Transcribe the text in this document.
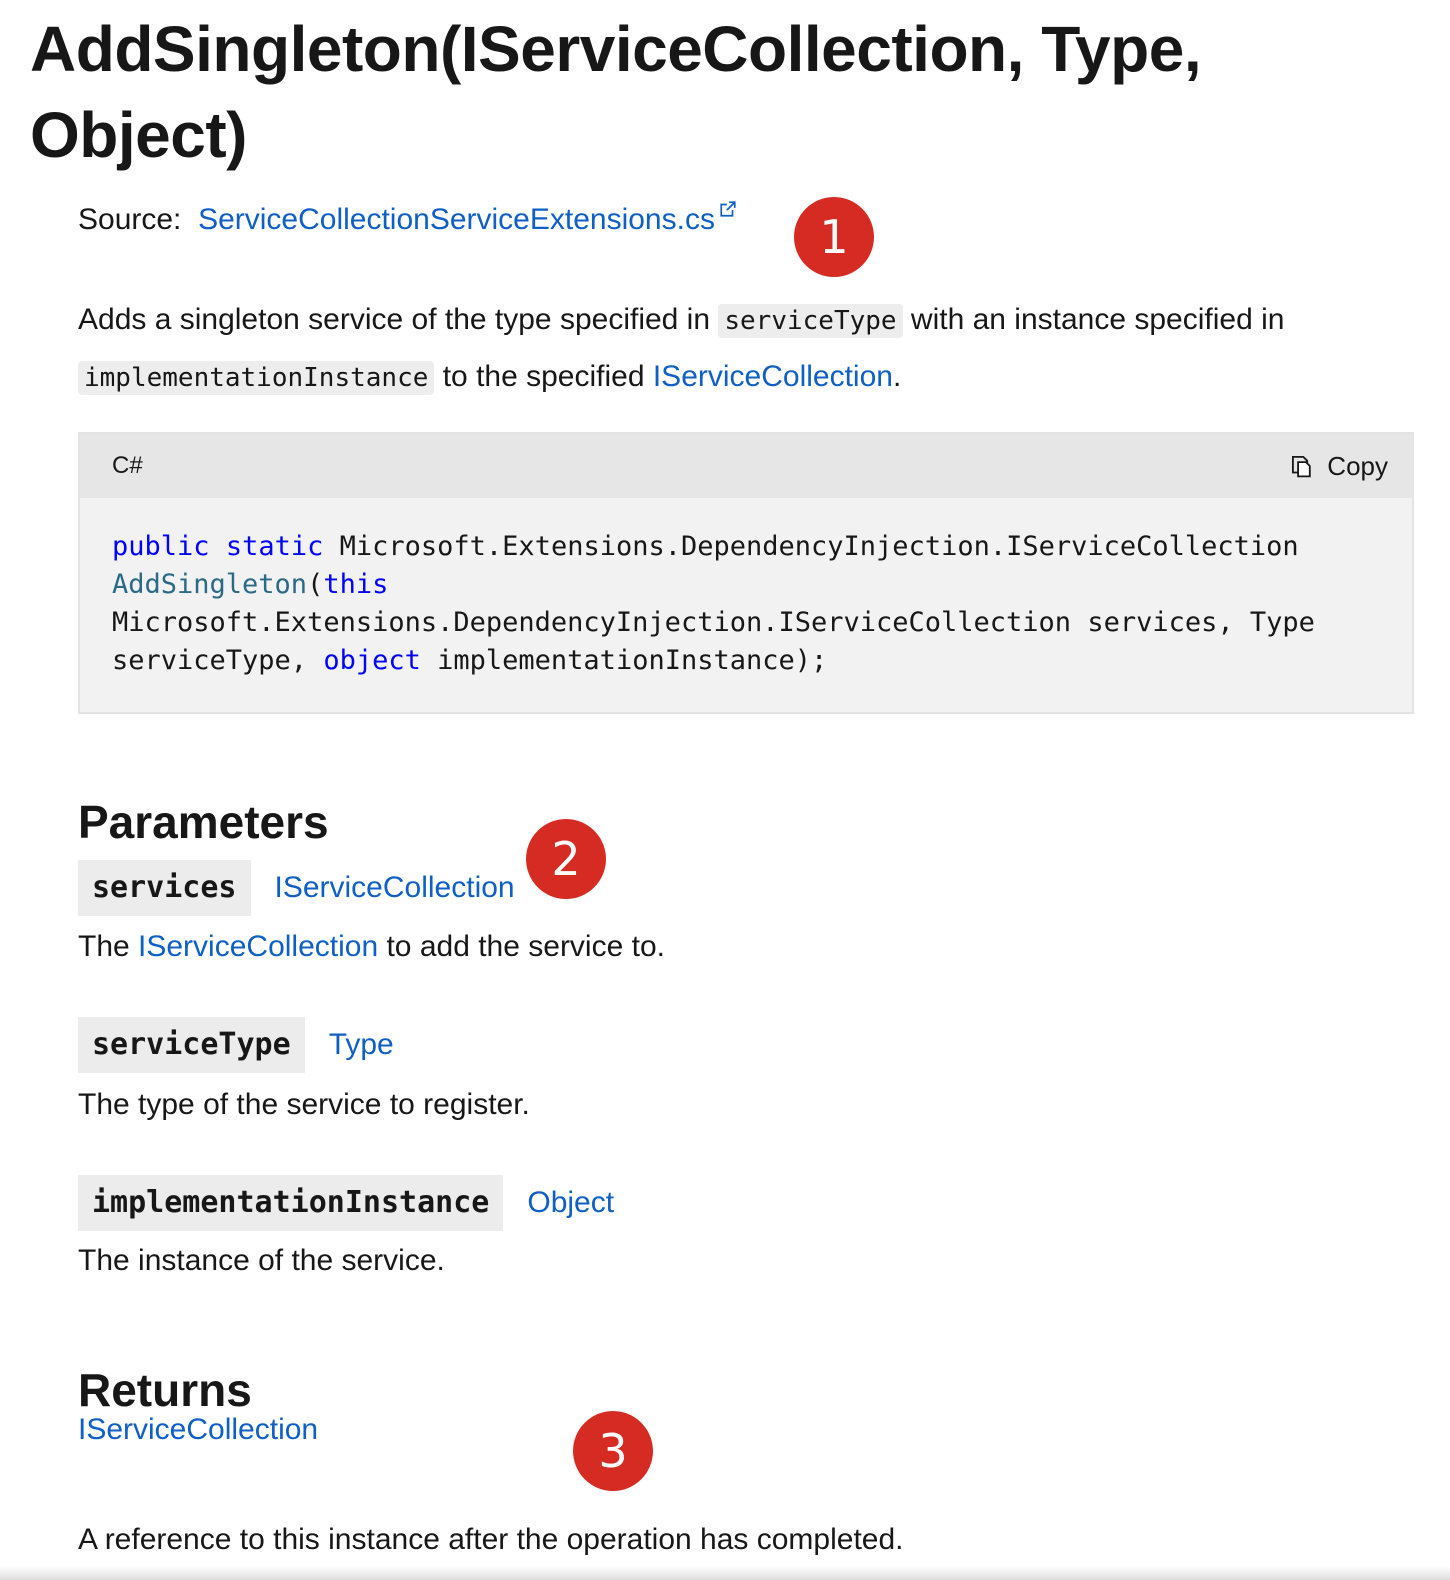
AddSingleton(IServiceCollection, Type, Object)
Source: ServiceCollectionServiceExtensions.cs	1

Adds a singleton service of the type specified in serviceType with an instance specified in
implementationInstance to the specified IServiceCollection.

C#	Copy
public static Microsoft.Extensions.DependencyInjection.IServiceCollection
AddSingleton(this
Microsoft.Extensions.DependencyInjection.IServiceCollection services, Type
serviceType, object implementationInstance);
Parameters
2
services	IServiceCollection

The IServiceCollection to add the service to.

serviceType	Type

The type of the service to register.

implementationInstance	Object

The instance of the service.

Returns
3
IServiceCollection

A reference to this instance after the operation has completed.
